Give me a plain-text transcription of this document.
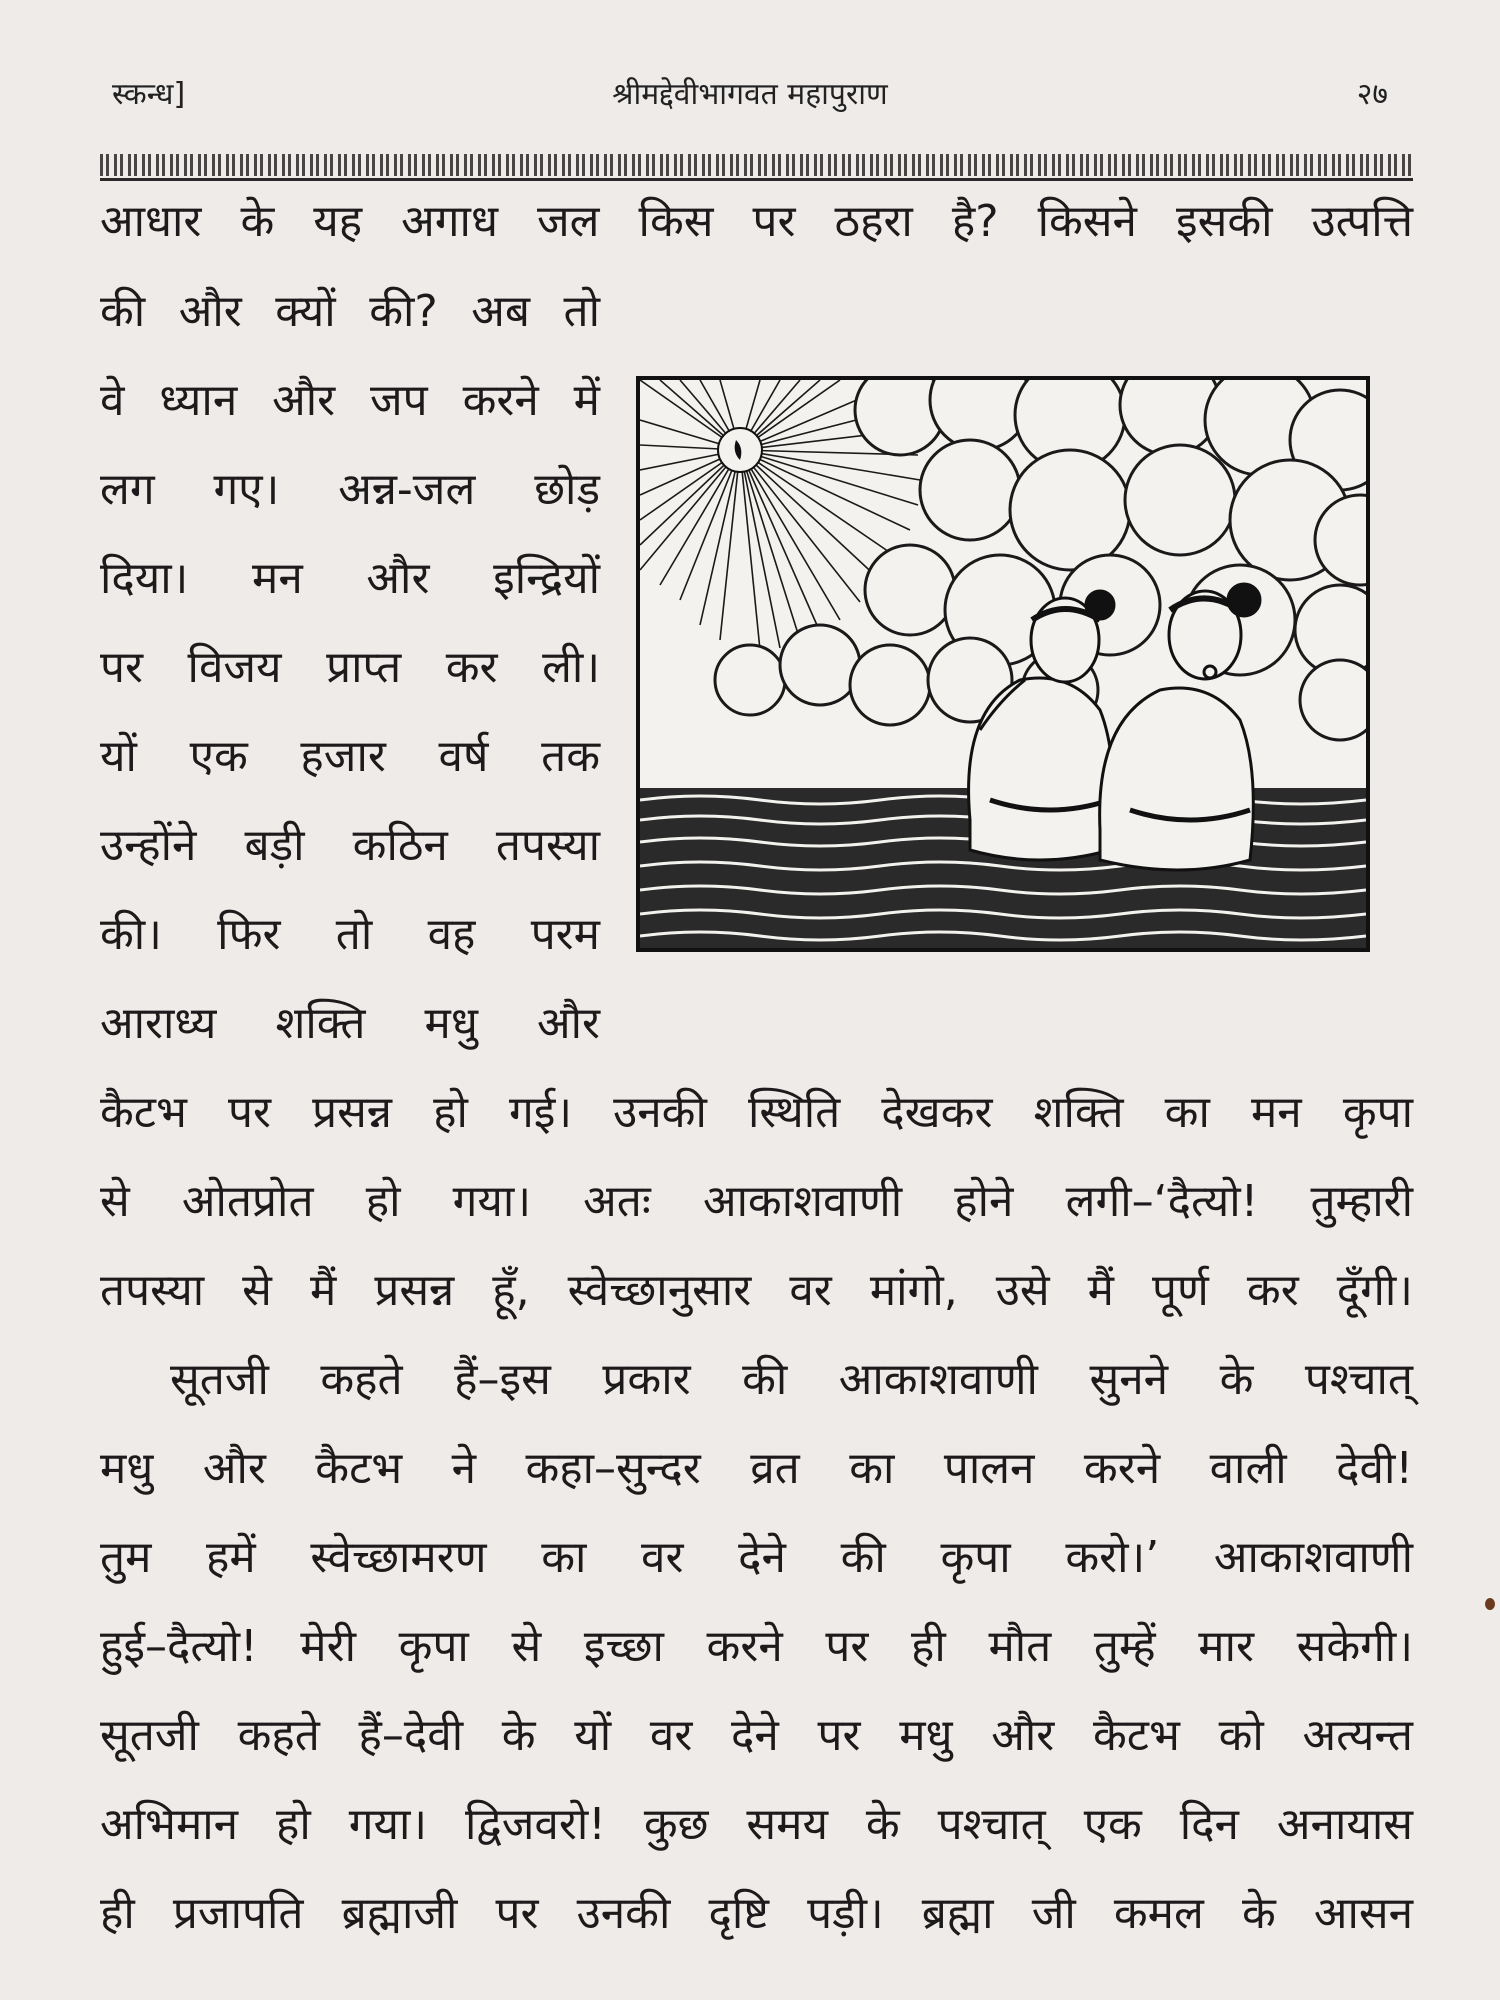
स्कन्ध]	श्रीमद्देवीभागवत महापुराण	२७
आधार के यह अगाध जल किस पर ठहरा है? किसने इसकी उत्पत्ति
की और क्यों की? अब तो
वे ध्यान और जप करने में
लग गए। अन्न-जल छोड़
दिया। मन और इन्द्रियों
पर विजय प्राप्त कर ली।
यों एक हजार वर्ष तक
उन्होंने बड़ी कठिन तपस्या
की। फिर तो वह परम
आराध्य शक्ति मधु और
कैटभ पर प्रसन्न हो गई। उनकी स्थिति देखकर शक्ति का मन कृपा
से ओतप्रोत हो गया। अतः आकाशवाणी होने लगी–‘दैत्यो! तुम्हारी
तपस्या से मैं प्रसन्न हूँ, स्वेच्छानुसार वर मांगो, उसे मैं पूर्ण कर दूँगी।
सूतजी कहते हैं–इस प्रकार की आकाशवाणी सुनने के पश्चात्
मधु और कैटभ ने कहा–सुन्दर व्रत का पालन करने वाली देवी!
तुम हमें स्वेच्छामरण का वर देने की कृपा करो।’ आकाशवाणी
हुई–दैत्यो! मेरी कृपा से इच्छा करने पर ही मौत तुम्हें मार सकेगी।
सूतजी कहते हैं–देवी के यों वर देने पर मधु और कैटभ को अत्यन्त
अभिमान हो गया। द्विजवरो! कुछ समय के पश्चात् एक दिन अनायास
ही प्रजापति ब्रह्माजी पर उनकी दृष्टि पड़ी। ब्रह्मा जी कमल के आसन
